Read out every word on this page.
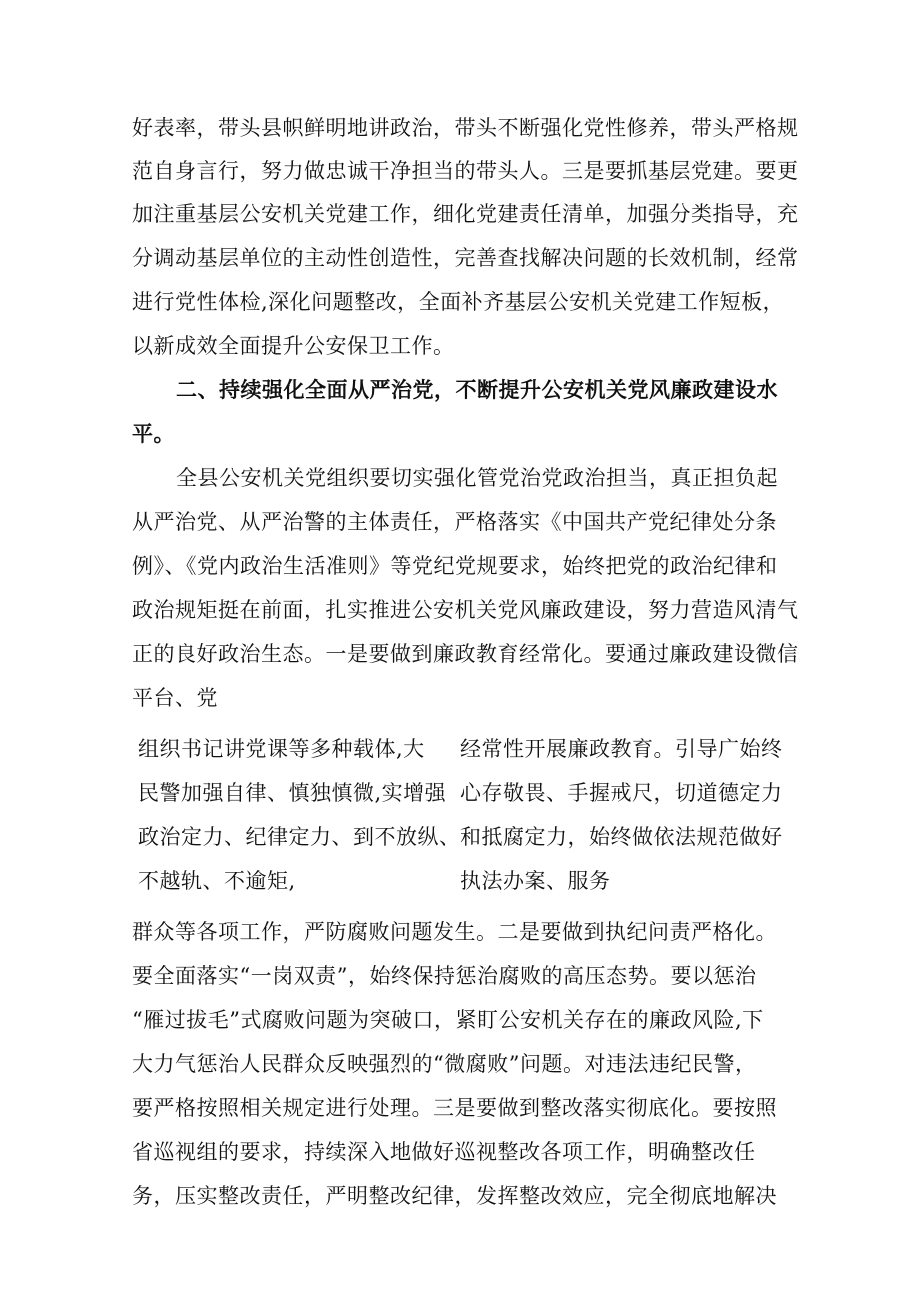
好表率，带头县帜鲜明地讲政治，带头不断强化党性修养，带头严格规
范自身言行，努力做忠诚干净担当的带头人。三是要抓基层党建。要更
加注重基层公安机关党建工作，细化党建责任清单，加强分类指导，充
分调动基层单位的主动性创造性，完善查找解决问题的长效机制，经常
进行党性体检,深化问题整改，全面补齐基层公安机关党建工作短板，
以新成效全面提升公安保卫工作。
二、持续强化全面从严治党，不断提升公安机关党风廉政建设水
平。
全县公安机关党组织要切实强化管党治党政治担当，真正担负起
从严治党、从严治警的主体责任，严格落实《中国共产党纪律处分条
例》、《党内政治生活准则》等党纪党规要求，始终把党的政治纪律和
政治规矩挺在前面，扎实推进公安机关党风廉政建设，努力营造风清气
正的良好政治生态。一是要做到廉政教育经常化。要通过廉政建设微信
平台、党
组织书记讲党课等多种载体,大
民警加强自律、慎独慎微,实增强
政治定力、纪律定力、到不放纵、
不越轨、不逾矩,
经常性开展廉政教育。引导广始终
心存敬畏、手握戒尺，切道德定力
和抵腐定力，始终做依法规范做好
执法办案、服务
群众等各项工作，严防腐败问题发生。二是要做到执纪问责严格化。
要全面落实“一岗双责”，始终保持惩治腐败的高压态势。要以惩治
“雁过拔毛”式腐败问题为突破口，紧盯公安机关存在的廉政风险,下
大力气惩治人民群众反映强烈的“微腐败”问题。对违法违纪民警，
要严格按照相关规定进行处理。三是要做到整改落实彻底化。要按照
省巡视组的要求，持续深入地做好巡视整改各项工作，明确整改任
务，压实整改责任，严明整改纪律，发挥整改效应，完全彻底地解决
